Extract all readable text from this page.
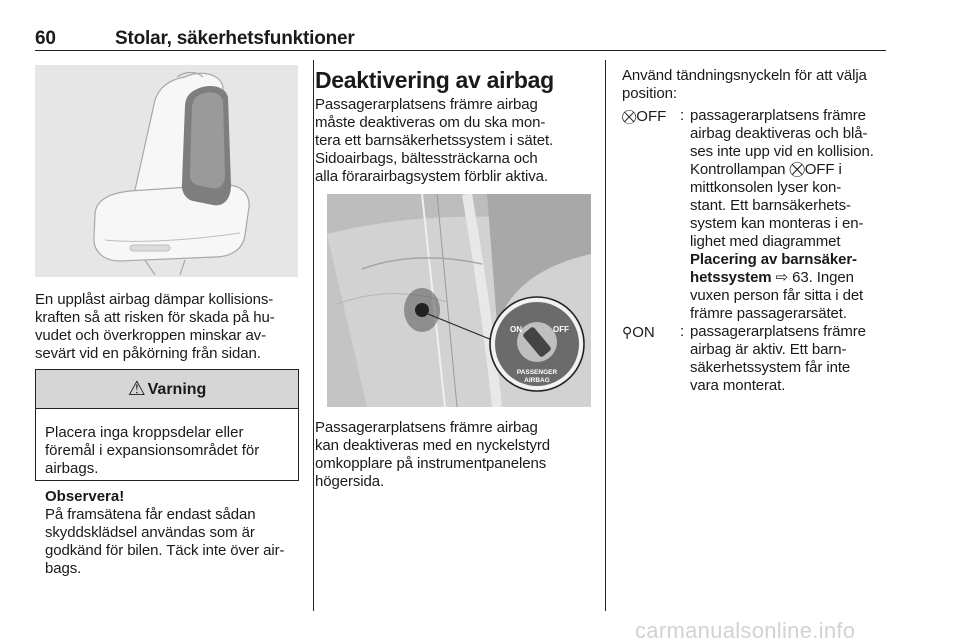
60	Stolar, säkerhetsfunktioner

En upplåst airbag dämpar kollisions-
kraften så att risken för skada på hu-
vudet och överkroppen minskar av-
sevärt vid en påkörning från sidan.

⚠ Varning
Placera inga kroppsdelar eller
föremål i expansionsområdet för
airbags.
Observera!

På framsätena får endast sådan
skyddsklädsel användas som är
godkänd för bilen. Täck inte över air-
bags.

Deaktivering av airbag

Passagerarplatsens främre airbag
måste deaktiveras om du ska mon-
tera ett barnsäkerhetssystem i sätet.
Sidoairbags, bältessträckarna och
alla förarairbagsystem förblir aktiva.

ON	OFF
PASSENGER
AIRBAG

Passagerarplatsens främre airbag
kan deaktiveras med en nyckelstyrd
omkopplare på instrumentpanelens
högersida.

Använd tändningsnyckeln för att välja
position:

⛒OFF : passagerarplatsens främre
airbag deaktiveras och blå-
ses inte upp vid en kollision.
Kontrollampan ⛒OFF i
mittkonsolen lyser kon-
stant. Ett barnsäkerhets-
system kan monteras i en-
lighet med diagrammet
Placering av barnsäker-
hetssystem ⇨ 63. Ingen
vuxen person får sitta i det
främre passagerarsätet.
⚲ON : passagerarplatsens främre
airbag är aktiv. Ett barn-
säkerhetssystem får inte
vara monterat.
carmanualsonline.info
